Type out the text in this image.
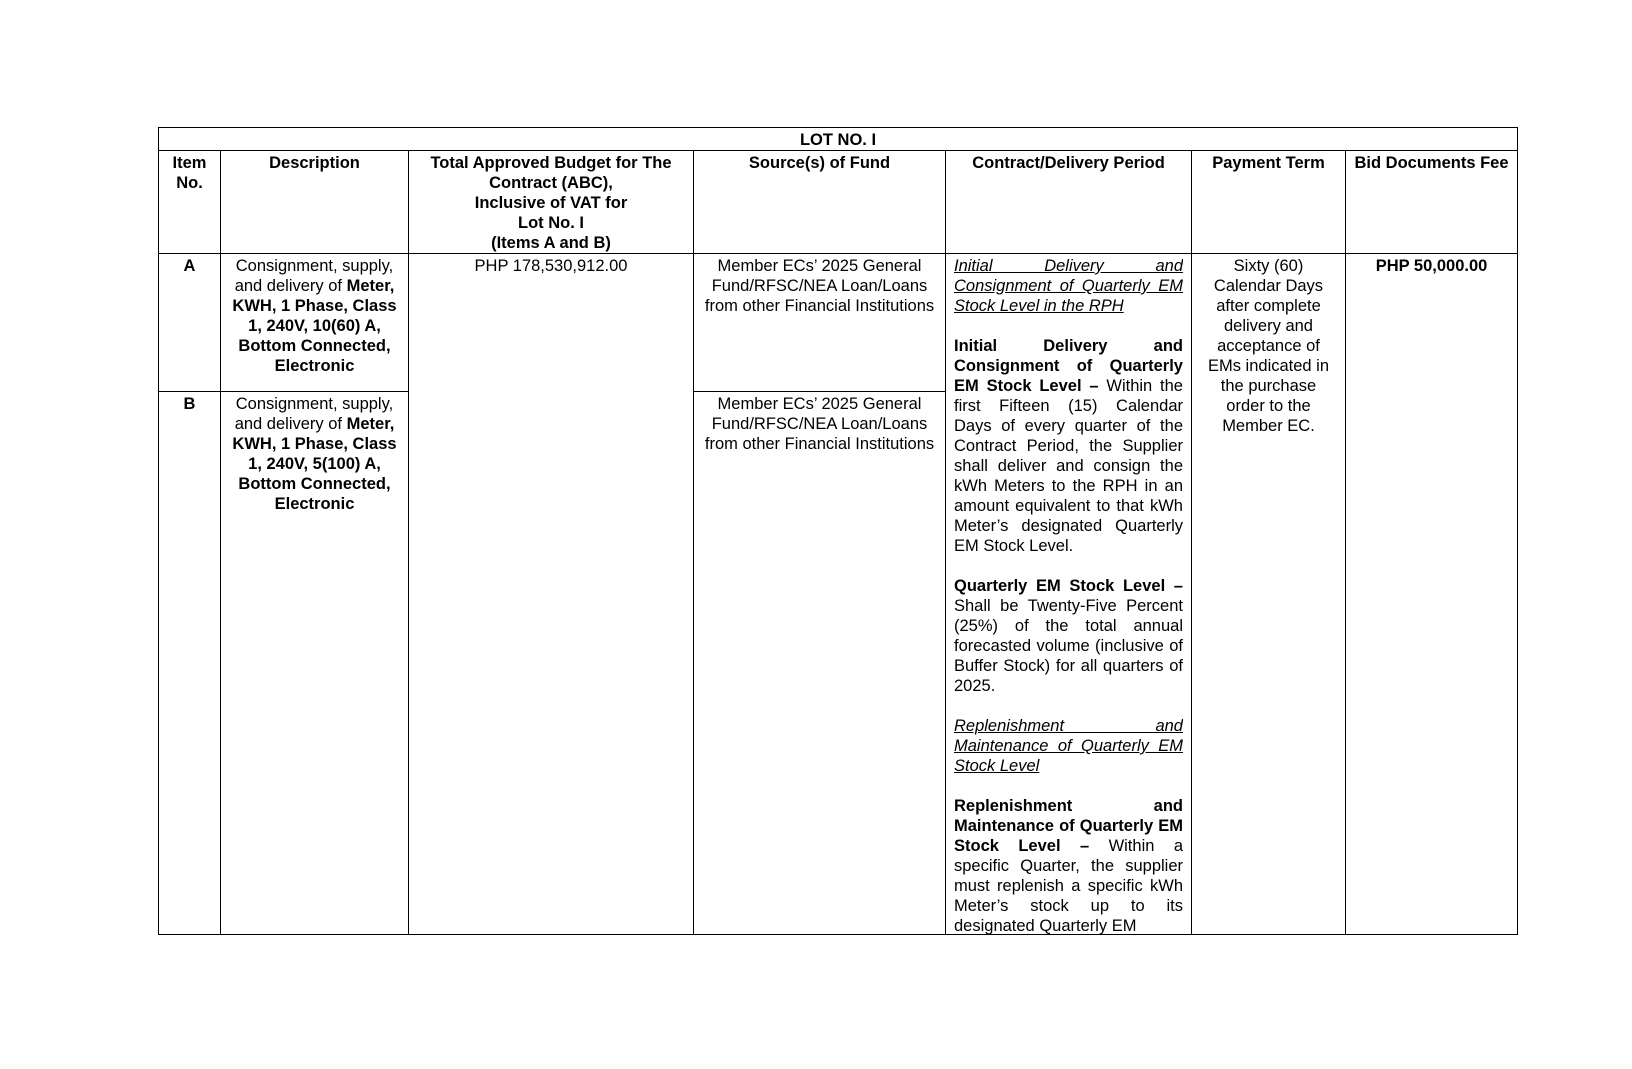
LOT NO. I						
Item No.	Description	Total Approved Budget for The Contract (ABC),
Inclusive of VAT for
Lot No. I
(Items A and B)	Source(s) of Fund	Contract/Delivery Period	Payment Term	Bid Documents Fee
A	Consignment, supply, and delivery of Meter, KWH, 1 Phase, Class 1, 240V, 10(60) A, Bottom Connected, Electronic	PHP 178,530,912.00	Member ECs’ 2025 General Fund/RFSC/NEA Loan/Loans from other Financial Institutions	Initial Delivery and Consignment of Quarterly EM Stock Level in the RPH
Initial Delivery and Consignment of Quarterly EM Stock Level – Within the first Fifteen (15) Calendar Days of every quarter of the Contract Period, the Supplier shall deliver and consign the kWh Meters to the RPH in an amount equivalent to that kWh Meter’s designated Quarterly EM Stock Level.
Quarterly EM Stock Level – Shall be Twenty-Five Percent (25%) of the total annual forecasted volume (inclusive of Buffer Stock) for all quarters of 2025.
Replenishment and Maintenance of Quarterly EM Stock Level
Replenishment and Maintenance of Quarterly EM Stock Level – Within a specific Quarter, the supplier must replenish a specific kWh Meter’s stock up to its designated Quarterly EM	Sixty (60) Calendar Days after complete delivery and acceptance of EMs indicated in the purchase order to the Member EC.	PHP 50,000.00
B	Consignment, supply, and delivery of Meter, KWH, 1 Phase, Class 1, 240V, 5(100) A, Bottom Connected, Electronic		Member ECs’ 2025 General Fund/RFSC/NEA Loan/Loans from other Financial Institutions			
